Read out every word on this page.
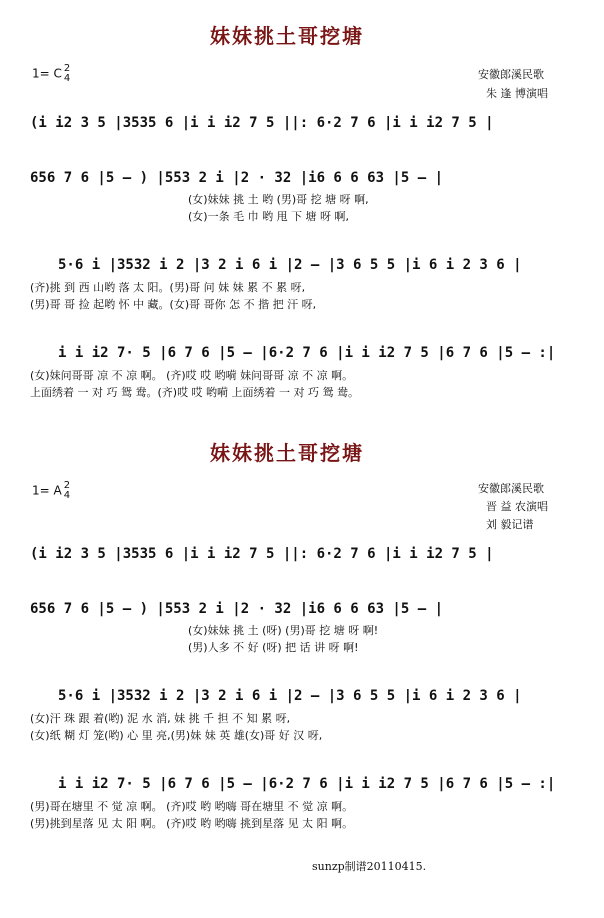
妹妹挑土哥挖塘
1= C 2
4	安徽郎溪民歌
朱 逢 博演唱
(i i2 3 5 |3535 6 |i i i2 7 5 ||: 6·2 7 6 |i i i2 7 5 |
656 7 6 |5 – ) |553 2 i |2 · 32 |i6 6 6 63 |5 – |
(女)妹妹 挑 土 哟 (男)哥 挖 塘 呀 啊,
(女)一条 毛 巾 哟 甩 下 塘 呀 啊,
5·6 i |3532 i 2 |3 2 i 6 i |2 – |3 6 5 5 |i 6 i 2 3 6 |
(齐)挑 到 西 山哟 落 太 阳。(男)哥 问 妹 妹 累 不 累 呀,
(男)哥 哥 捡 起哟 怀 中 藏。(女)哥 哥你 怎 不 揩 把 汗 呀,
i i i2 7· 5 |6 7 6 |5 – |6·2 7 6 |i i i2 7 5 |6 7 6 |5 – :|
(女)妹问哥哥 凉 不 凉 啊。 (齐)哎 哎 哟嗬 妹问哥哥 凉 不 凉 啊。
上面绣着 一 对 巧 鸳 鸯。(齐)哎 哎 哟嗬 上面绣着 一 对 巧 鸳 鸯。
妹妹挑土哥挖塘
1= A 2
4
安徽郎溪民歌
晋 益 农演唱
刘 毅记谱
(i i2 3 5 |3535 6 |i i i2 7 5 ||: 6·2 7 6 |i i i2 7 5 |
656 7 6 |5 – ) |553 2 i |2 · 32 |i6 6 6 63 |5 – |
(女)妹妹 挑 土 (呀) (男)哥 挖 塘 呀 啊!
(男)人多 不 好 (呀) 把 话 讲 呀 啊!
5·6 i |3532 i 2 |3 2 i 6 i |2 – |3 6 5 5 |i 6 i 2 3 6 |
(女)汗 珠 跟 着(哟) 泥 水 消, 妹 挑 千 担 不 知 累 呀,
(女)纸 糊 灯 笼(哟) 心 里 亮,(男)妹 妹 英 雄(女)哥 好 汉 呀,
i i i2 7· 5 |6 7 6 |5 – |6·2 7 6 |i i i2 7 5 |6 7 6 |5 – :|
(男)哥在塘里 不 觉 凉 啊。 (齐)哎 哟 哟嗨 哥在塘里 不 觉 凉 啊。
(男)挑到星落 见 太 阳 啊。 (齐)哎 哟 哟嗨 挑到星落 见 太 阳 啊。
sunzp制谱20110415.
